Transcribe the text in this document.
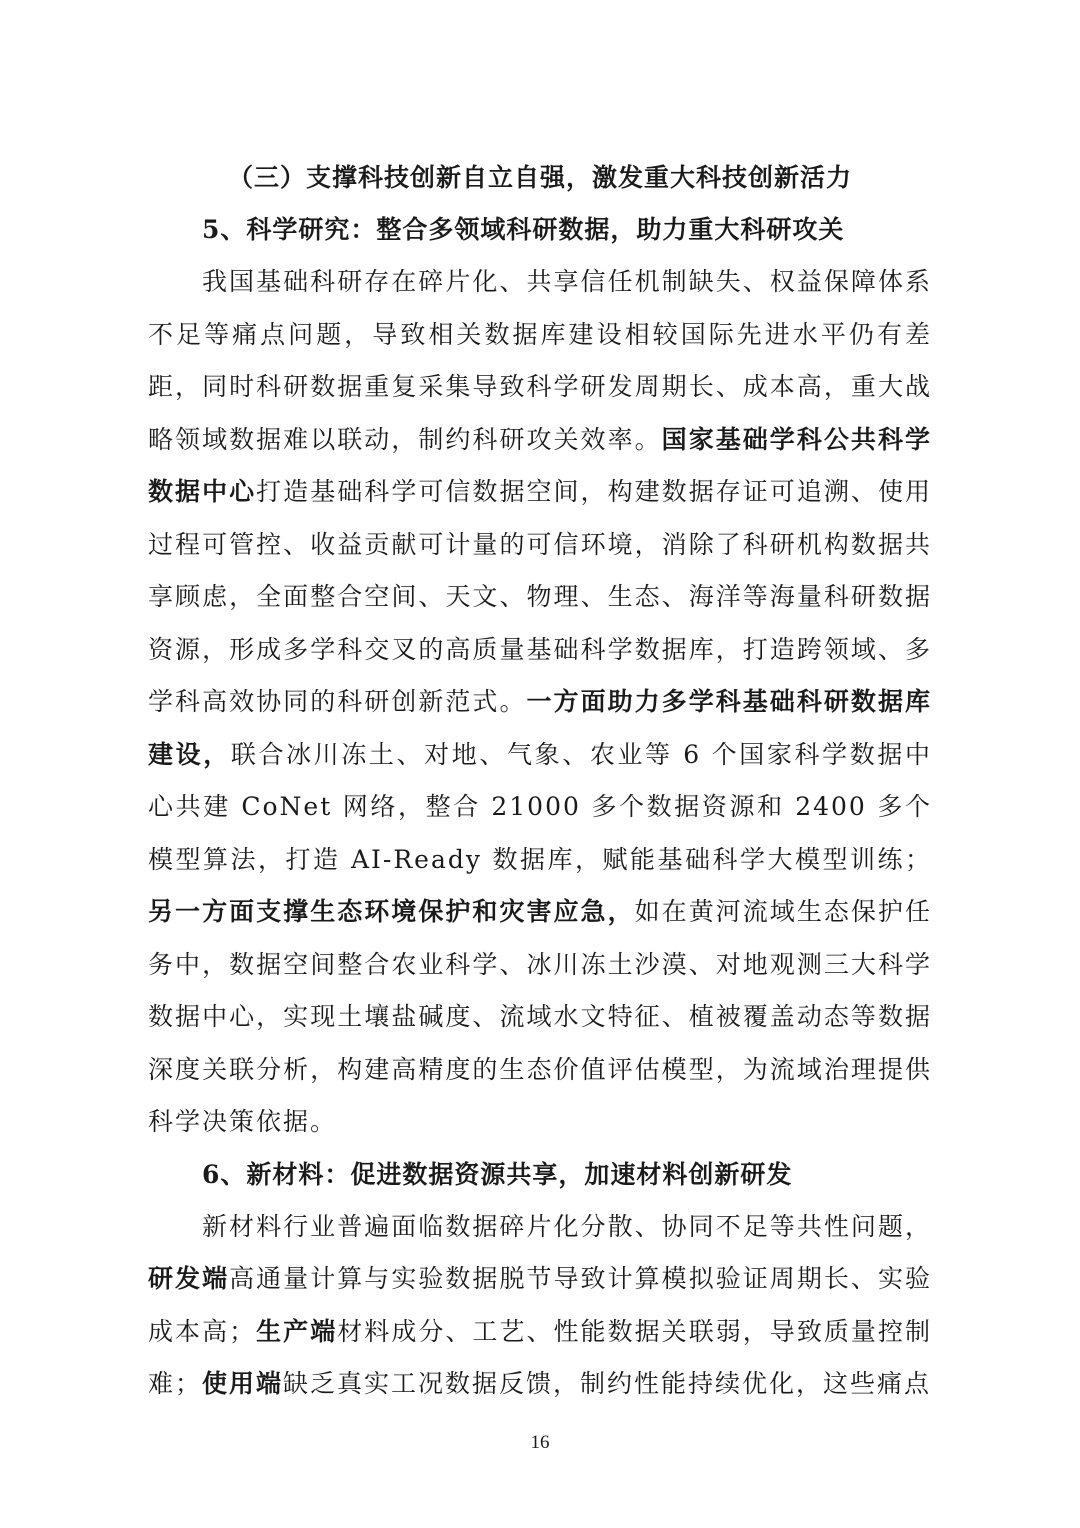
（三）支撑科技创新自立自强，激发重大科技创新活力
5、科学研究：整合多领域科研数据，助力重大科研攻关

我国基础科研存在碎片化、共享信任机制缺失、权益保障体系不足等痛点问题，导致相关数据库建设相较国际先进水平仍有差距，同时科研数据重复采集导致科学研发周期长、成本高，重大战略领域数据难以联动，制约科研攻关效率。国家基础学科公共科学数据中心打造基础科学可信数据空间，构建数据存证可追溯、使用过程可管控、收益贡献可计量的可信环境，消除了科研机构数据共享顾虑，全面整合空间、天文、物理、生态、海洋等海量科研数据资源，形成多学科交叉的高质量基础科学数据库，打造跨领域、多学科高效协同的科研创新范式。一方面助力多学科基础科研数据库建设，联合冰川冻土、对地、气象、农业等 6 个国家科学数据中心共建 CoNet 网络，整合 21000 多个数据资源和 2400 多个模型算法，打造 AI-Ready 数据库，赋能基础科学大模型训练；另一方面支撑生态环境保护和灾害应急，如在黄河流域生态保护任务中，数据空间整合农业科学、冰川冻土沙漠、对地观测三大科学数据中心，实现土壤盐碱度、流域水文特征、植被覆盖动态等数据深度关联分析，构建高精度的生态价值评估模型，为流域治理提供科学决策依据。

6、新材料：促进数据资源共享，加速材料创新研发

新材料行业普遍面临数据碎片化分散、协同不足等共性问题，研发端高通量计算与实验数据脱节导致计算模拟验证周期长、实验成本高；生产端材料成分、工艺、性能数据关联弱，导致质量控制难；使用端缺乏真实工况数据反馈，制约性能持续优化，这些痛点

16
